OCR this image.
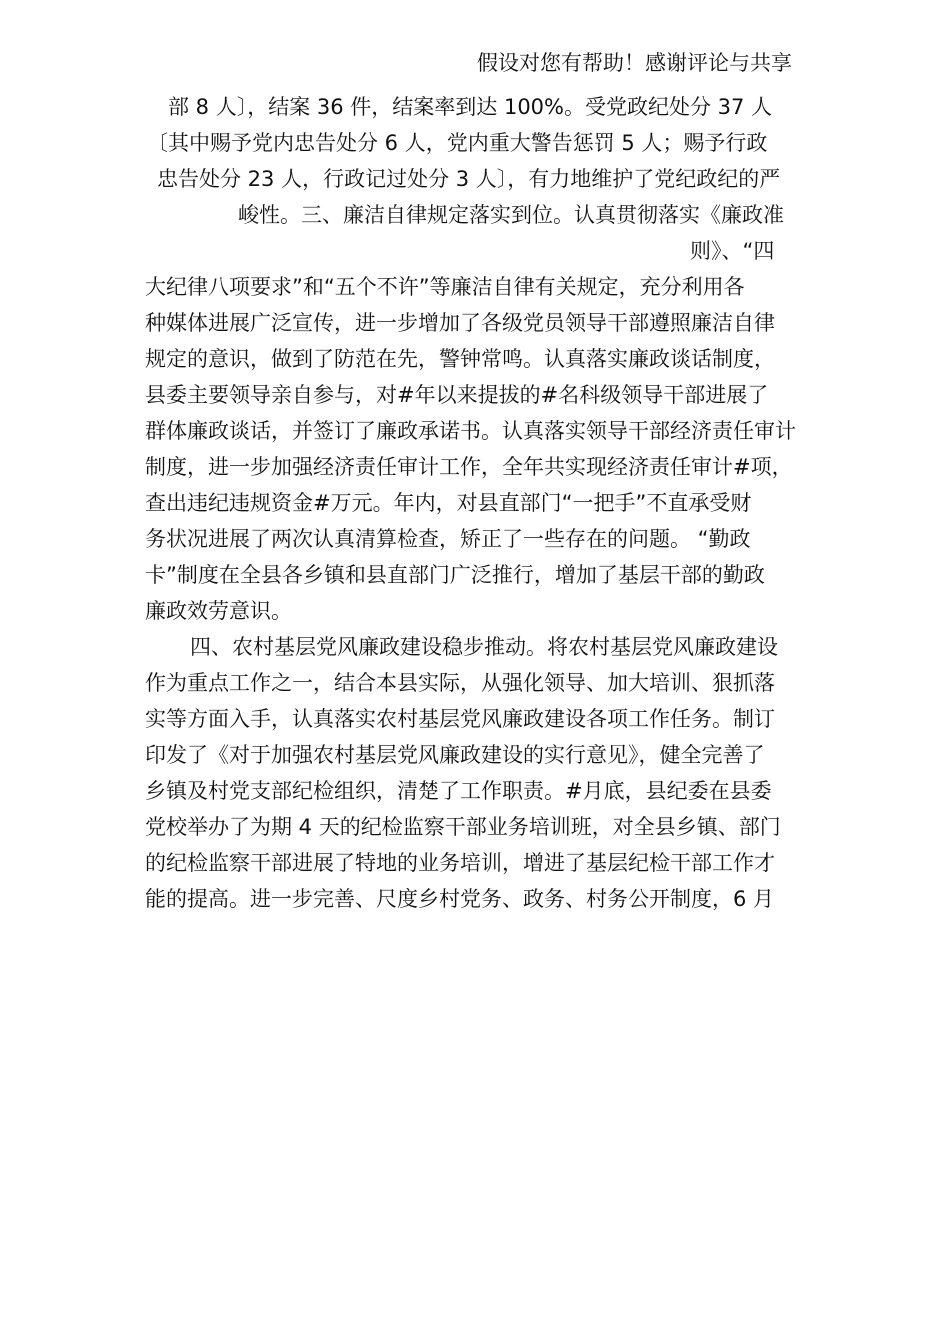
假设对您有帮助！感谢评论与共享
部 8 人〕，结案 36 件，结案率到达 100%。受党政纪处分 37 人
〔其中赐予党内忠告处分 6 人，党内重大警告惩罚 5 人；赐予行政
忠告处分 23 人，行政记过处分 3 人〕，有力地维护了党纪政纪的严
峻性。三、廉洁自律规定落实到位。认真贯彻落实《廉政准
则》、“四
大纪律八项要求”和“五个不许”等廉洁自律有关规定，充分利用各
种媒体进展广泛宣传，进一步增加了各级党员领导干部遵照廉洁自律
规定的意识，做到了防范在先，警钟常鸣。认真落实廉政谈话制度，
县委主要领导亲自参与，对#年以来提拔的#名科级领导干部进展了
群体廉政谈话，并签订了廉政承诺书。认真落实领导干部经济责任审计
制度，进一步加强经济责任审计工作，全年共实现经济责任审计#项，
查出违纪违规资金#万元。年内，对县直部门“一把手”不直承受财
务状况进展了两次认真清算检查，矫正了一些存在的问题。 “勤政
卡”制度在全县各乡镇和县直部门广泛推行，增加了基层干部的勤政
廉政效劳意识。
四、农村基层党风廉政建设稳步推动。将农村基层党风廉政建设
作为重点工作之一，结合本县实际，从强化领导、加大培训、狠抓落
实等方面入手，认真落实农村基层党风廉政建设各项工作任务。制订
印发了《对于加强农村基层党风廉政建设的实行意见》，健全完善了
乡镇及村党支部纪检组织，清楚了工作职责。#月底，县纪委在县委
党校举办了为期 4 天的纪检监察干部业务培训班，对全县乡镇、部门
的纪检监察干部进展了特地的业务培训，增进了基层纪检干部工作才
能的提高。进一步完善、尺度乡村党务、政务、村务公开制度，6 月
